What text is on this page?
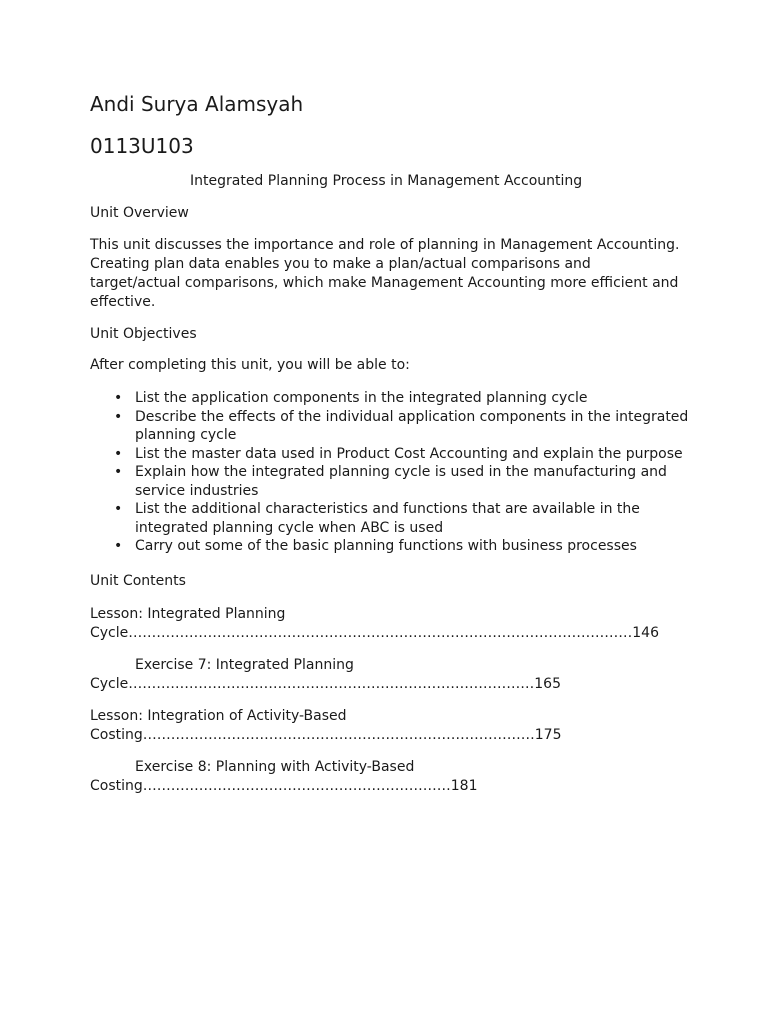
Andi Surya Alamsyah
0113U103
Integrated Planning Process in Management Accounting
Unit Overview
This unit discusses the importance and role of planning in Management Accounting. Creating plan data enables you to make a plan/actual comparisons and target/actual comparisons, which make Management Accounting more efficient and effective.
Unit Objectives
After completing this unit, you will be able to:
• List the application components in the integrated planning cycle
• Describe the effects of the individual application components in the integrated planning cycle
• List the master data used in Product Cost Accounting and explain the purpose
• Explain how the integrated planning cycle is used in the manufacturing and service industries
• List the additional characteristics and functions that are available in the integrated planning cycle when ABC is used
• Carry out some of the basic planning functions with business processes
Unit Contents
Lesson: Integrated Planning
Cycle………………………………………………………………………………………………146
Exercise 7: Integrated Planning
Cycle……………………………………………………………………………165
Lesson: Integration of Activity-Based
Costing…………………………………………………………………………175
Exercise 8: Planning with Activity-Based
Costing…………………………………………………………181
